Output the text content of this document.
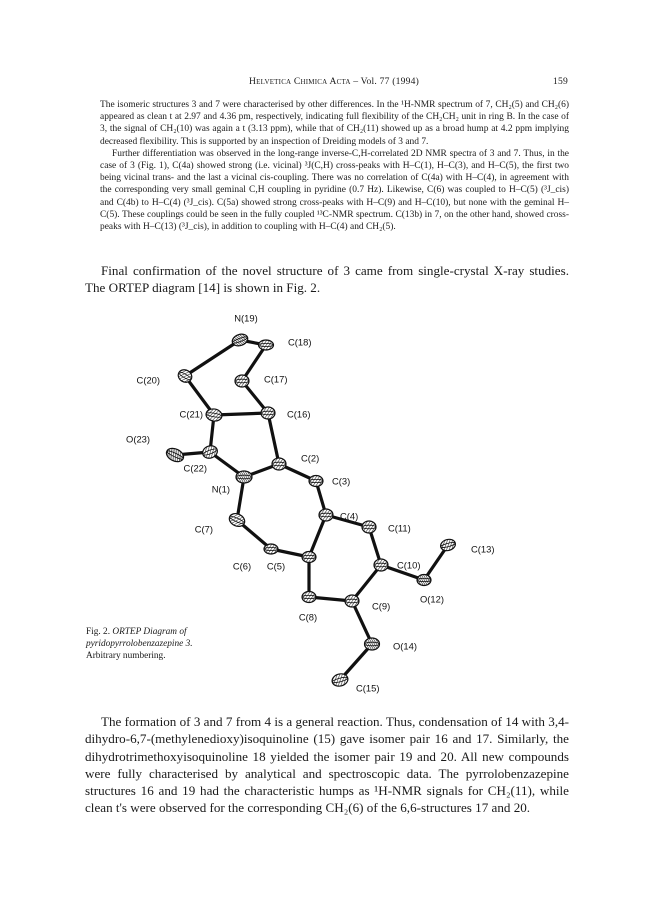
Helvetica Chimica Acta – Vol. 77 (1994)	159

The isomeric structures 3 and 7 were characterised by other differences. In the ¹H-NMR spectrum of 7, CH₂(5) and CH₂(6) appeared as clean t at 2.97 and 4.36 pm, respectively, indicating full flexibility of the CH₂CH₂ unit in ring B. In the case of 3, the signal of CH₂(10) was again a t (3.13 ppm), while that of CH₂(11) showed up as a broad hump at 4.2 ppm implying decreased flexibility. This is supported by an inspection of Dreiding models of 3 and 7.

Further differentiation was observed in the long-range inverse-C,H-correlated 2D NMR spectra of 3 and 7. Thus, in the case of 3 (Fig. 1), C(4a) showed strong (i.e. vicinal) ³J(C,H) cross-peaks with H–C(1), H–C(3), and H–C(5), the first two being vicinal trans- and the last a vicinal cis-coupling. There was no correlation of C(4a) with H–C(4), in agreement with the corresponding very small geminal C,H coupling in pyridine (0.7 Hz). Likewise, C(6) was coupled to H–C(5) (³J_cis) and C(4b) to H–C(4) (³J_cis). C(5a) showed strong cross-peaks with H–C(9) and H–C(10), but none with the geminal H–C(5). These couplings could be seen in the fully coupled ¹³C-NMR spectrum. C(13b) in 7, on the other hand, showed cross-peaks with H–C(13) (³J_cis), in addition to coupling with H–C(4) and CH₂(5).

Final confirmation of the novel structure of 3 came from single-crystal X-ray studies. The ORTEP diagram [14] is shown in Fig. 2.

N(19)
C(18)
C(20)	C(17)
C(21)	C(16)
O(23)
C(2)
C(22)
C(3)
N(1)
C(4)
C(7)	C(11)
C(13)
C(10)
C(6) C(5)
O(12)
C(9)
C(8)
O(14)
C(15)
Fig. 2. ORTEP Diagram of pyridopyrrolobenzazepine 3.
Arbitrary numbering.

The formation of 3 and 7 from 4 is a general reaction. Thus, condensation of 14 with 3,4-dihydro-6,7-(methylenedioxy)isoquinoline (15) gave isomer pair 16 and 17. Similarly, the dihydrotrimethoxyisoquinoline 18 yielded the isomer pair 19 and 20. All new compounds were fully characterised by analytical and spectroscopic data. The pyrrolobenzazepine structures 16 and 19 had the characteristic humps as ¹H-NMR signals for CH₂(11), while clean t's were observed for the corresponding CH₂(6) of the 6,6-structures 17 and 20.
